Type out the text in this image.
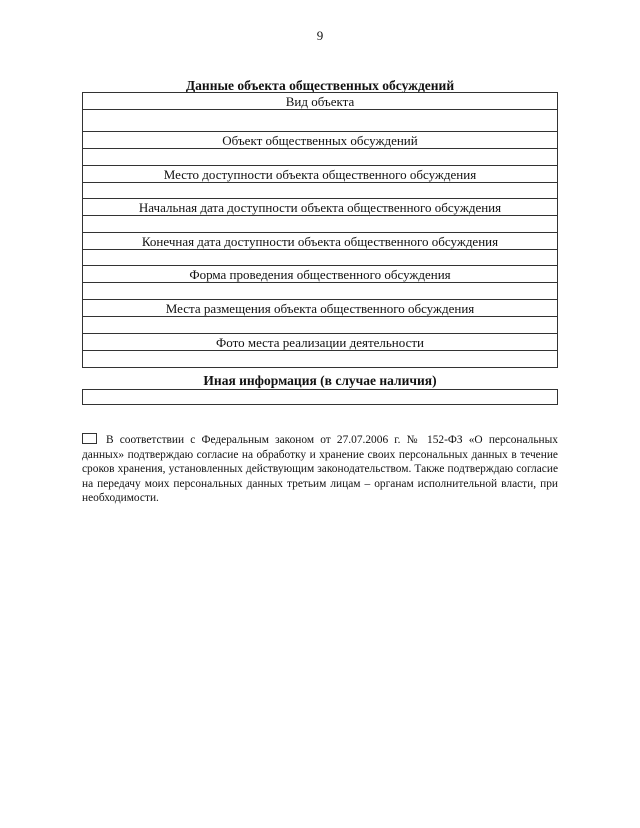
9
Данные объекта общественных обсуждений
Вид объекта
Объект общественных обсуждений
Место доступности объекта общественного обсуждения
Начальная дата доступности объекта общественного обсуждения
Конечная дата доступности объекта общественного обсуждения
Форма проведения общественного обсуждения
Места размещения объекта общественного обсуждения
Фото места реализации деятельности
Иная информация (в случае наличия)
В соответствии с Федеральным законом от 27.07.2006 г. № 152-ФЗ «О персональных данных» подтверждаю согласие на обработку и хранение своих персональных данных в течение сроков хранения, установленных действующим законодательством. Также подтверждаю согласие на передачу моих персональных данных третьим лицам – органам исполнительной власти, при необходимости.
